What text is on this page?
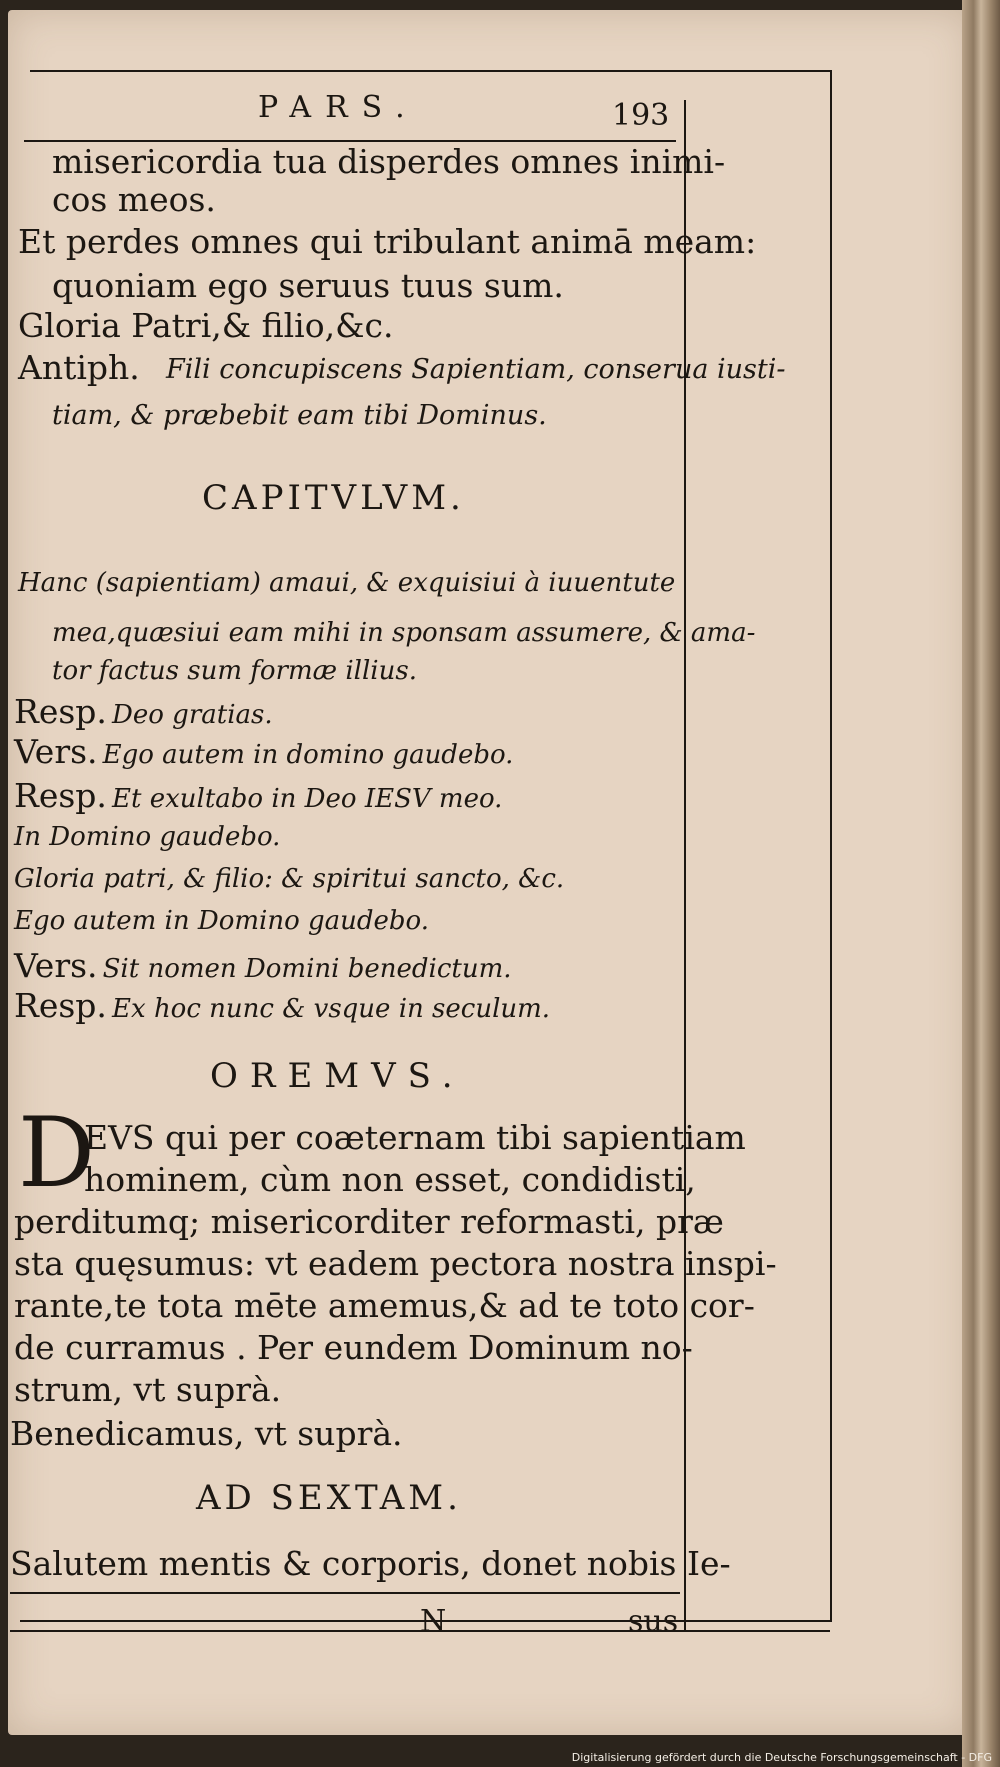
PARS.	193
misericordia tua disperdes omnes inimi-
cos meos.
Et perdes omnes qui tribulant animā meam:
quoniam ego seruus tuus sum.
Gloria Patri,& filio,&c.
Antiph. Fili concupiscens Sapientiam, conserua iusti-
tiam, & præbebit eam tibi Dominus.
CAPITVLVM.
Hanc (sapientiam) amaui, & exquisiui à iuuentute
mea,quæsiui eam mihi in sponsam assumere, & ama-
tor factus sum formæ illius.
Resp. Deo gratias.
Vers. Ego autem in domino gaudebo.
Resp. Et exultabo in Deo IESV meo.
In Domino gaudebo.
Gloria patri, & filio: & spiritui sancto, &c.
Ego autem in Domino gaudebo.
Vers. Sit nomen Domini benedictum.
Resp. Ex hoc nunc & vsque in seculum.
OREMVS.
D
EVS qui per coæternam tibi sapientiam
hominem, cùm non esset, condidisti,
perditumq; misericorditer reformasti, præ
sta quęsumus: vt eadem pectora nostra inspi-
rante,te tota mēte amemus,& ad te toto cor-
de curramus . Per eundem Dominum no-
strum, vt suprà.
Benedicamus, vt suprà.
AD SEXTAM.
Salutem mentis & corporis, donet nobis Ie-
N	sus
Digitalisierung gefördert durch die Deutsche Forschungsgemeinschaft - DFG
